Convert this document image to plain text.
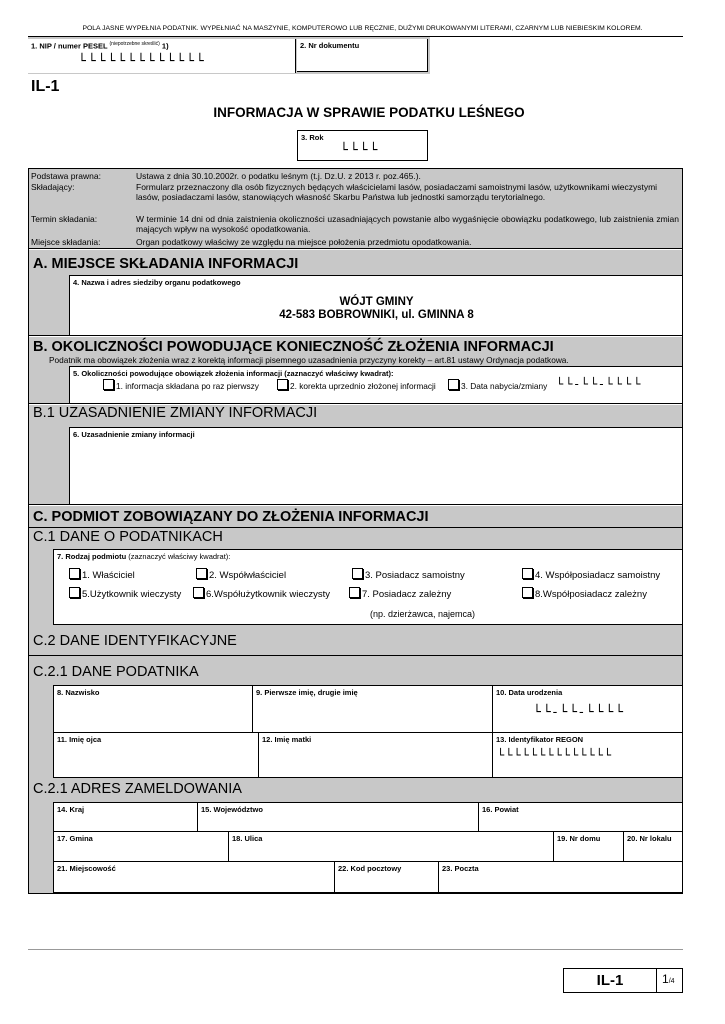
POLA JASNE WYPEŁNIA PODATNIK. WYPEŁNIAĆ NA MASZYNIE, KOMPUTEROWO LUB RĘCZNIE, DUŻYMI DRUKOWANYMI LITERAMI, CZARNYM LUB NIEBIESKIM KOLOREM.
1. NIP / numer PESEL $^{(niepotrzebne skreślić)}$ 1)
└└└└└└└└└└└└└
2. Nr dokumentu
IL-1
INFORMACJA W SPRAWIE PODATKU LEŚNEGO
3. Rok
└└└└
Podstawa prawna:	Ustawa z dnia 30.10.2002r. o podatku leśnym (t.j. Dz.U. z 2013 r. poz.465.).
Składający:	Formularz przeznaczony dla osób fizycznych będących właścicielami lasów, posiadaczami samoistnymi lasów, użytkownikami wieczystymi lasów, posiadaczami lasów, stanowiących własność Skarbu Państwa lub jednostki samorządu terytorialnego.
Termin składania:	W terminie 14 dni od dnia zaistnienia okoliczności uzasadniających powstanie albo wygaśnięcie obowiązku podatkowego, lub zaistnienia zmian mających wpływ na wysokość opodatkowania.
Miejsce składania:	Organ podatkowy właściwy ze względu na miejsce położenia przedmiotu opodatkowania.
A. MIEJSCE SKŁADANIA INFORMACJI
4. Nazwa i adres siedziby organu podatkowego
WÓJT GMINY
42-583 BOBROWNIKI, ul. GMINNA 8
B. OKOLICZNOŚCI POWODUJĄCE KONIECZNOŚĆ ZŁOŻENIA INFORMACJI
Podatnik ma obowiązek złożenia wraz z korektą informacji pisemnego uzasadnienia przyczyny korekty – art.81 ustawy Ordynacja podatkowa.
5. Okoliczności powodujące obowiązek złożenia informacji (zaznaczyć właściwy kwadrat):
1. informacja składana po raz pierwszy	2. korekta uprzednio złożonej informacji	3. Data nabycia/zmiany └└-└└-└└└└
B.1 UZASADNIENIE ZMIANY INFORMACJI
6. Uzasadnienie zmiany informacji
C. PODMIOT ZOBOWIĄZANY DO ZŁOŻENIA INFORMACJI
C.1 DANE O PODATNIKACH
7. Rodzaj podmiotu (zaznaczyć właściwy kwadrat):
1. Właściciel	2. Współwłaściciel	3. Posiadacz samoistny	4. Współposiadacz samoistny
5.Użytkownik wieczysty	6.Współużytkownik wieczysty	7. Posiadacz zależny	8.Współposiadacz zależny
(np. dzierżawca, najemca)
C.2 DANE IDENTYFIKACYJNE
C.2.1 DANE PODATNIKA
8. Nazwisko	9. Pierwsze imię, drugie imię	10. Data urodzenia
└└-└└-└└└└
11. Imię ojca	12. Imię matki	13. Identyfikator REGON
└└└└└└└└└└└└└└
C.2.1 ADRES ZAMELDOWANIA
14. Kraj	15. Województwo	16. Powiat
17. Gmina	18. Ulica	19. Nr domu	20. Nr lokalu
21. Miejscowość	22. Kod pocztowy	23. Poczta
IL-1	1/4
